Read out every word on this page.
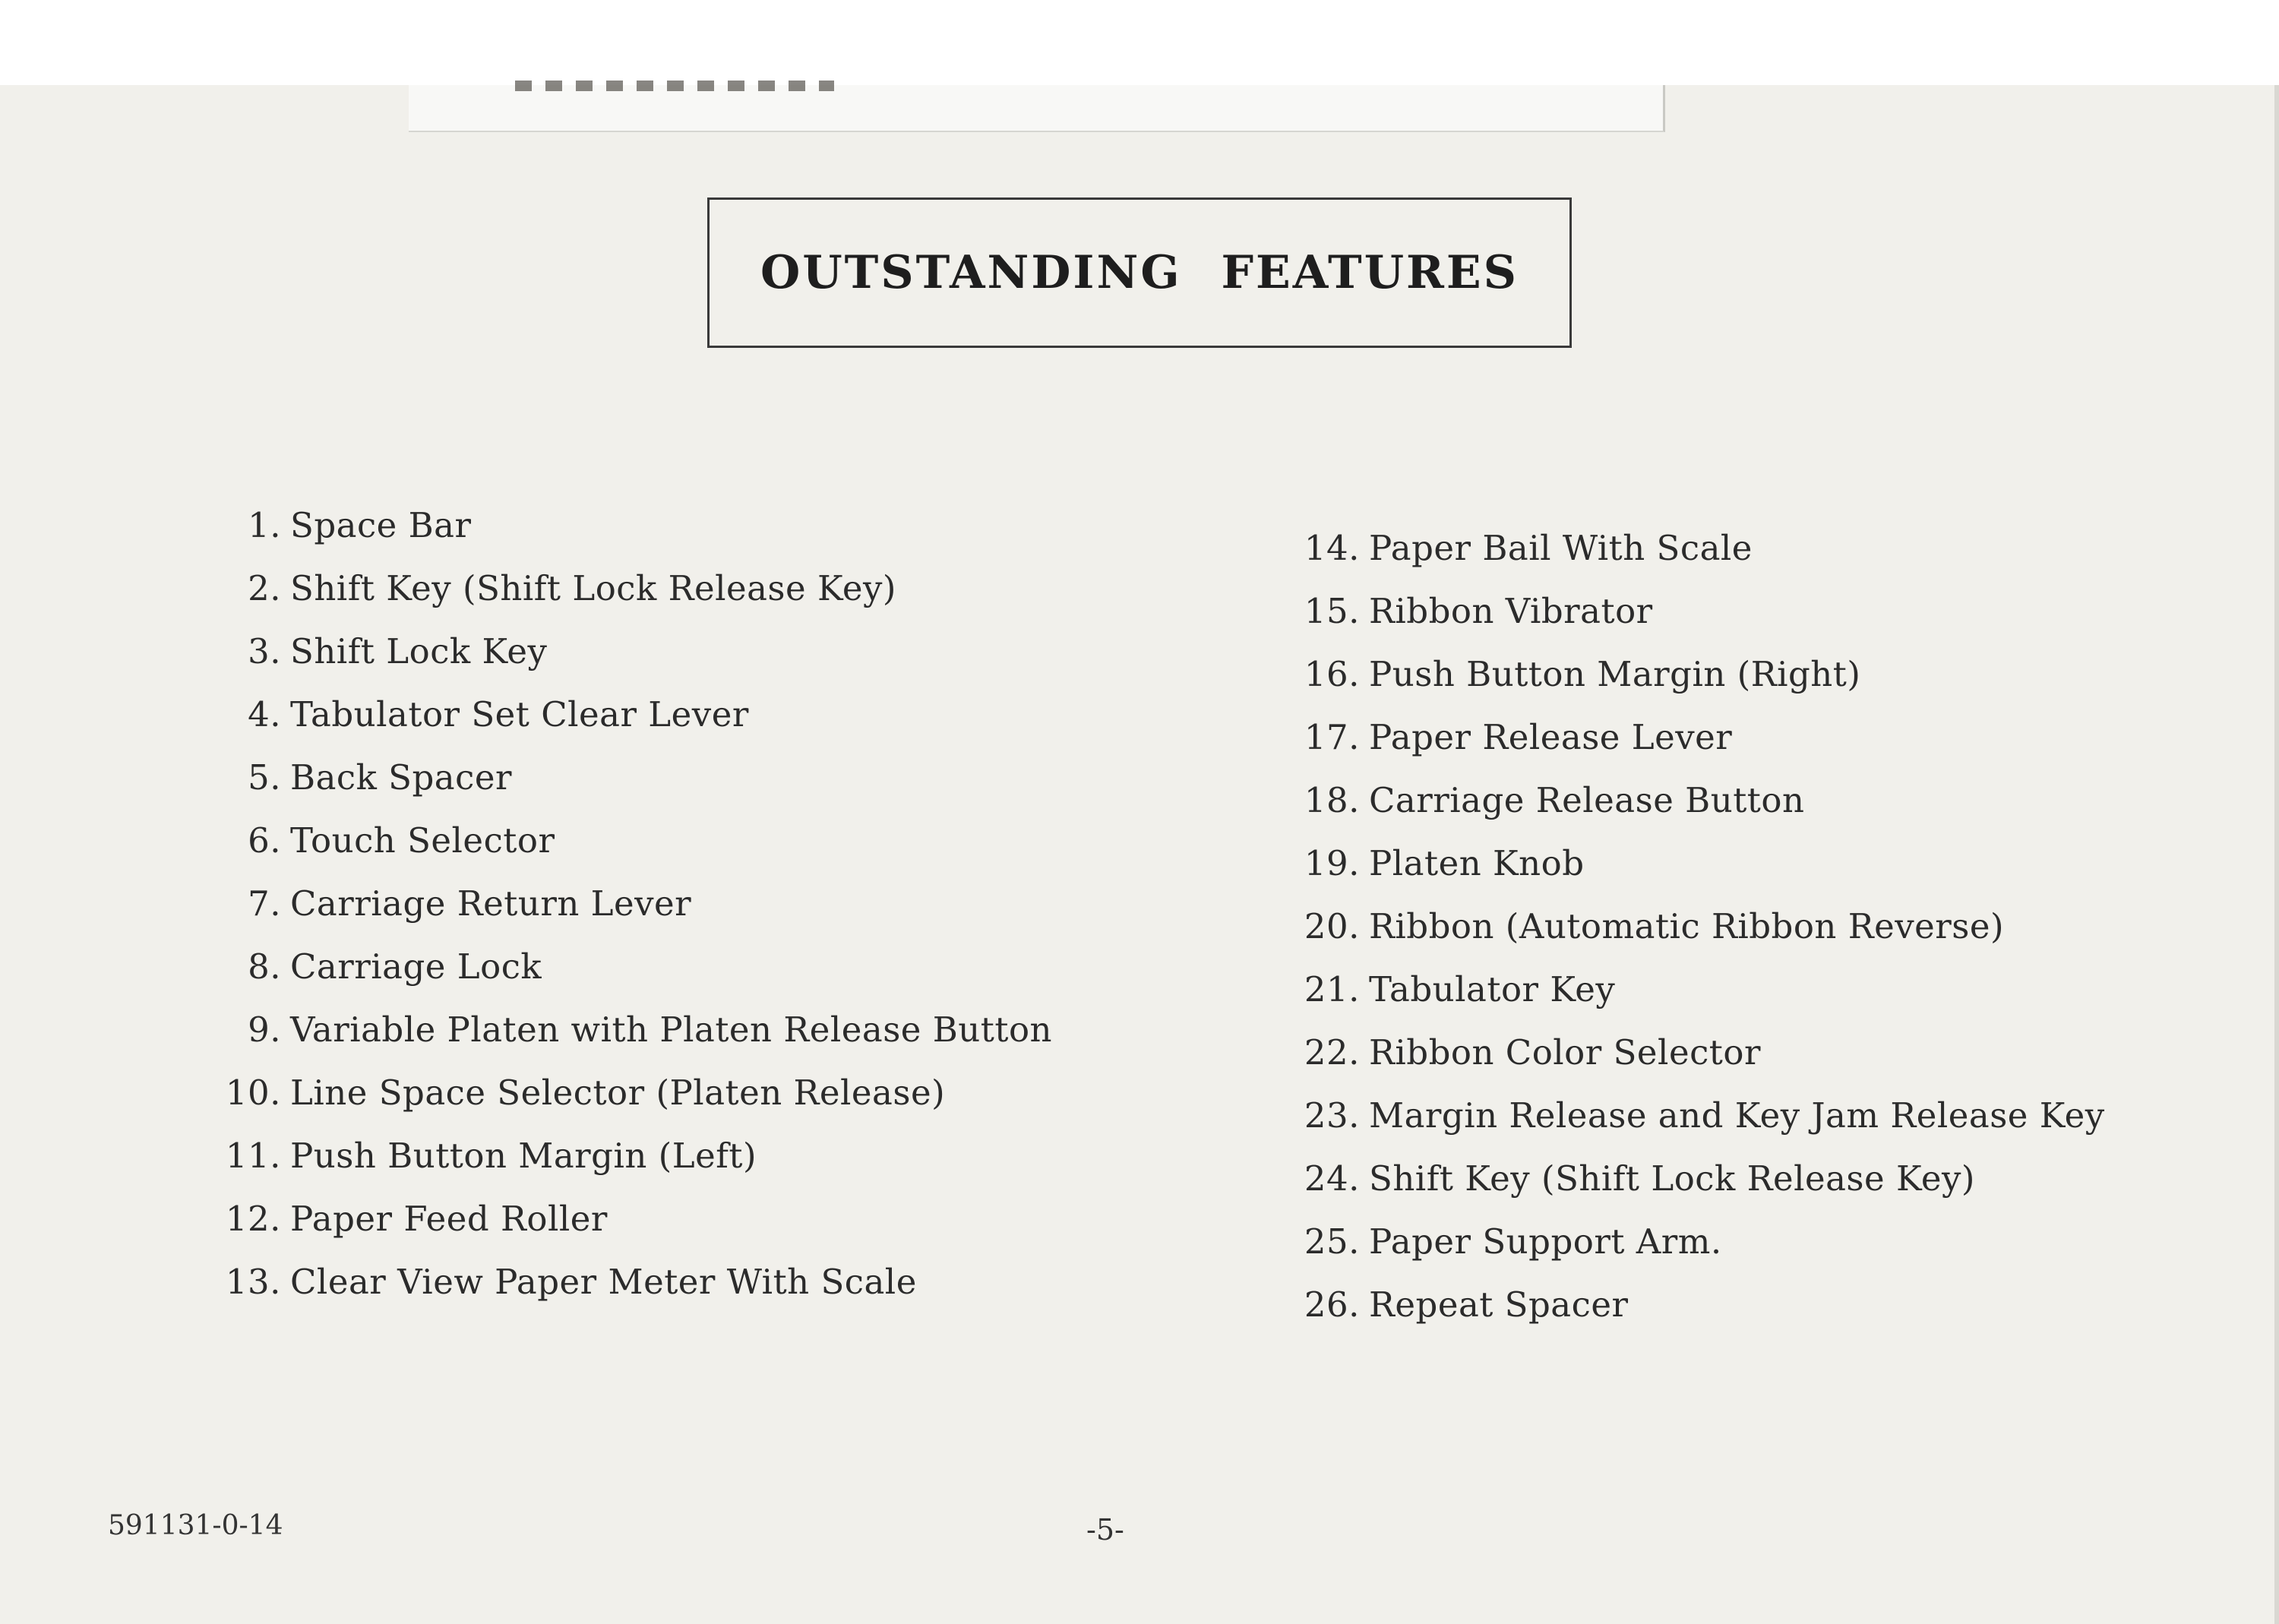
OUTSTANDING FEATURES
1. Space Bar
2. Shift Key (Shift Lock Release Key)
3. Shift Lock Key
4. Tabulator Set Clear Lever
5. Back Spacer
6. Touch Selector
7. Carriage Return Lever
8. Carriage Lock
9. Variable Platen with Platen Release Button
10. Line Space Selector (Platen Release)
11. Push Button Margin (Left)
12. Paper Feed Roller
13. Clear View Paper Meter With Scale
14. Paper Bail With Scale
15. Ribbon Vibrator
16. Push Button Margin (Right)
17. Paper Release Lever
18. Carriage Release Button
19. Platen Knob
20. Ribbon (Automatic Ribbon Reverse)
21. Tabulator Key
22. Ribbon Color Selector
23. Margin Release and Key Jam Release Key
24. Shift Key (Shift Lock Release Key)
25. Paper Support Arm.
26. Repeat Spacer
591131-0-14	-5-
